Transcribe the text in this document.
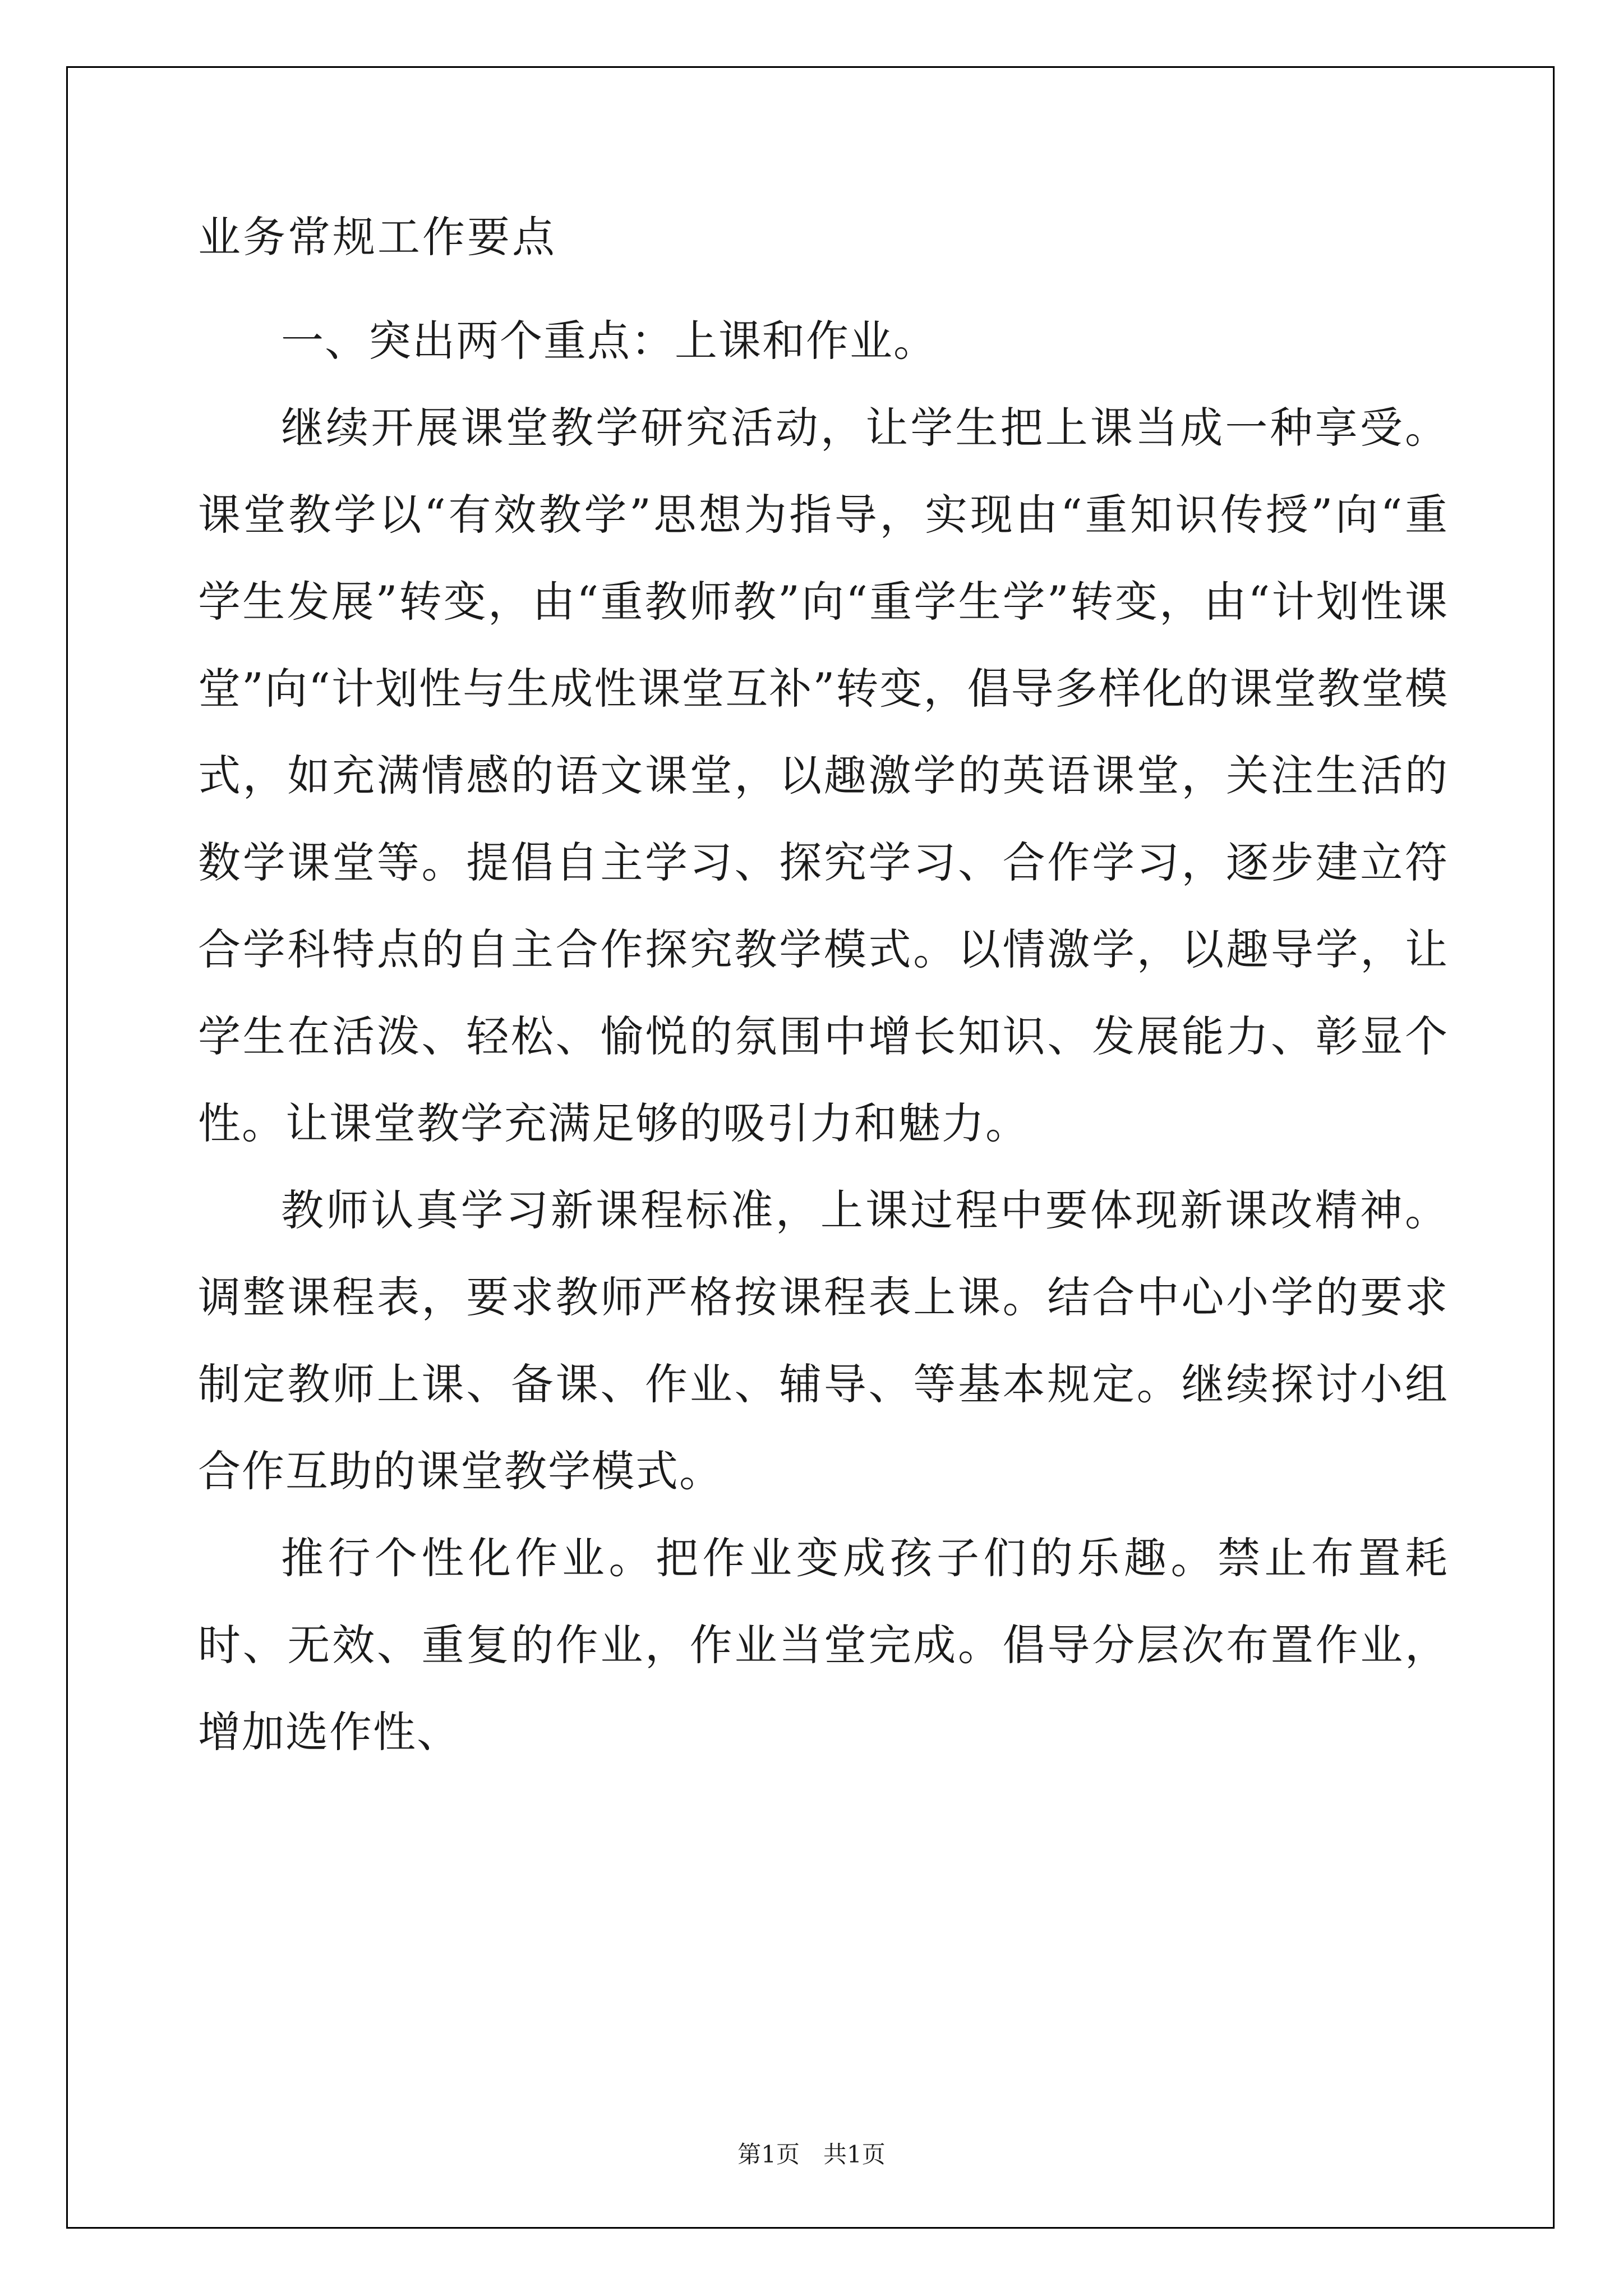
业务常规工作要点

一、突出两个重点：上课和作业。

继续开展课堂教学研究活动，让学生把上课当成一种享受。课堂教学以“有效教学”思想为指导，实现由“重知识传授”向“重学生发展”转变，由“重教师教”向“重学生学”转变，由“计划性课堂”向“计划性与生成性课堂互补”转变，倡导多样化的课堂教堂模式，如充满情感的语文课堂，以趣激学的英语课堂，关注生活的数学课堂等。提倡自主学习、探究学习、合作学习，逐步建立符合学科特点的自主合作探究教学模式。以情激学，以趣导学，让学生在活泼、轻松、愉悦的氛围中增长知识、发展能力、彰显个性。让课堂教学充满足够的吸引力和魅力。

教师认真学习新课程标准，上课过程中要体现新课改精神。调整课程表，要求教师严格按课程表上课。结合中心小学的要求制定教师上课、备课、作业、辅导、等基本规定。继续探讨小组合作互助的课堂教学模式。

推行个性化作业。把作业变成孩子们的乐趣。禁止布置耗时、无效、重复的作业，作业当堂完成。倡导分层次布置作业，增加选作性、

第1页　共1页
